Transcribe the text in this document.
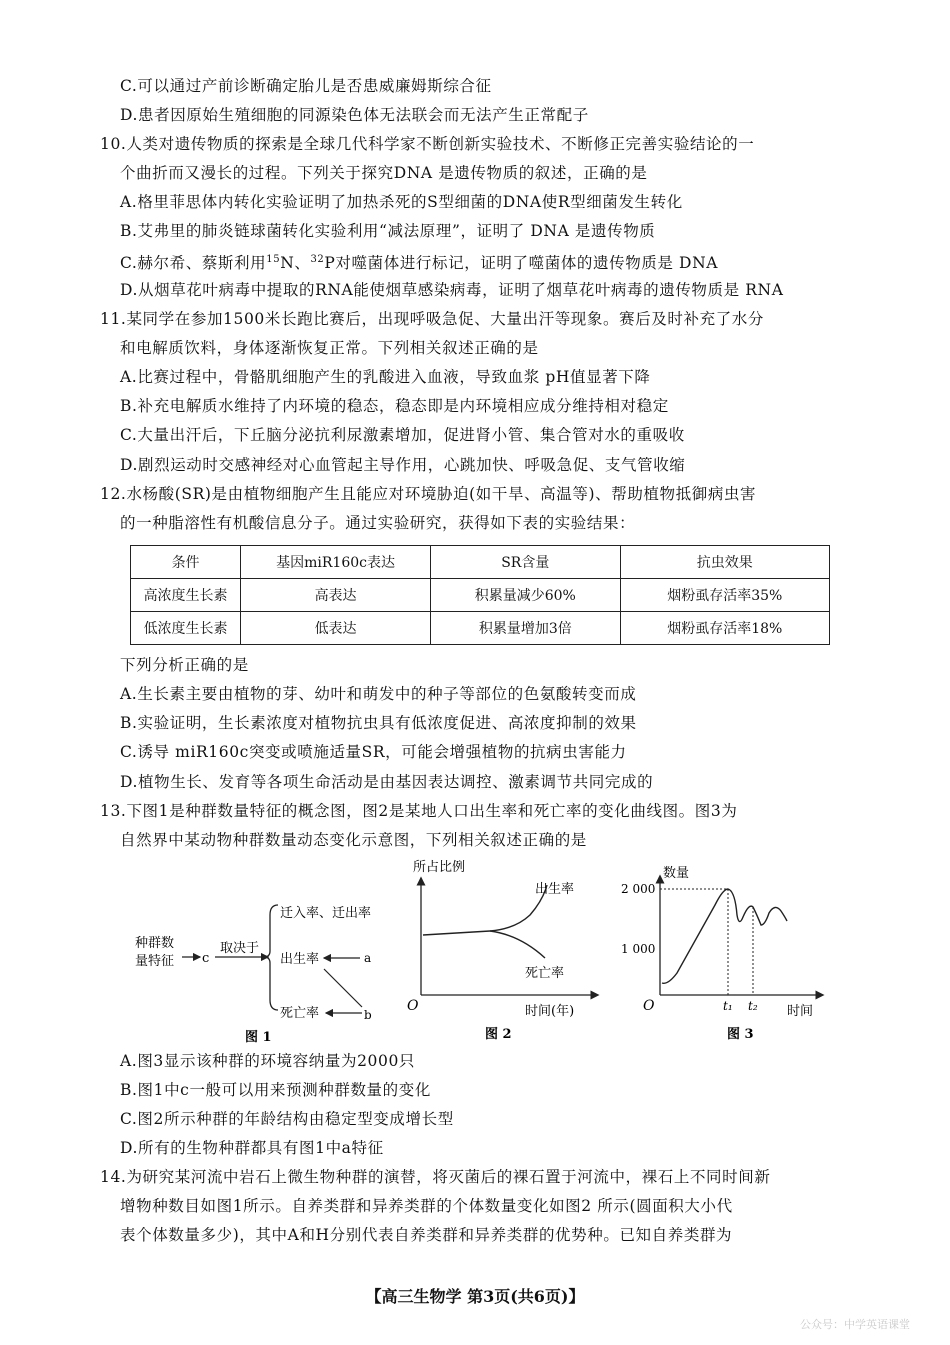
C.可以通过产前诊断确定胎儿是否患威廉姆斯综合征
D.患者因原始生殖细胞的同源染色体无法联会而无法产生正常配子
10.人类对遗传物质的探索是全球几代科学家不断创新实验技术、不断修正完善实验结论的一
个曲折而又漫长的过程。下列关于探究DNA 是遗传物质的叙述，正确的是
A.格里菲思体内转化实验证明了加热杀死的S型细菌的DNA使R型细菌发生转化
B.艾弗里的肺炎链球菌转化实验利用“减法原理”，证明了 DNA 是遗传物质
C.赫尔希、蔡斯利用$^{15}$N、$^{32}$P对噬菌体进行标记，证明了噬菌体的遗传物质是 DNA
D.从烟草花叶病毒中提取的RNA能使烟草感染病毒，证明了烟草花叶病毒的遗传物质是 RNA
11.某同学在参加1500米长跑比赛后，出现呼吸急促、大量出汗等现象。赛后及时补充了水分
和电解质饮料，身体逐渐恢复正常。下列相关叙述正确的是
A.比赛过程中，骨骼肌细胞产生的乳酸进入血液，导致血浆 pH值显著下降
B.补充电解质水维持了内环境的稳态，稳态即是内环境相应成分维持相对稳定
C.大量出汗后，下丘脑分泌抗利尿激素增加，促进肾小管、集合管对水的重吸收
D.剧烈运动时交感神经对心血管起主导作用，心跳加快、呼吸急促、支气管收缩
12.水杨酸(SR)是由植物细胞产生且能应对环境胁迫(如干旱、高温等)、帮助植物抵御病虫害
的一种脂溶性有机酸信息分子。通过实验研究，获得如下表的实验结果：
条件	基因miR160c表达	SR含量	抗虫效果
高浓度生长素	高表达	积累量减少60%	烟粉虱存活率35%
低浓度生长素	低表达	积累量增加3倍	烟粉虱存活率18%
下列分析正确的是
A.生长素主要由植物的芽、幼叶和萌发中的种子等部位的色氨酸转变而成
B.实验证明，生长素浓度对植物抗虫具有低浓度促进、高浓度抑制的效果
C.诱导 miR160c突变或喷施适量SR，可能会增强植物的抗病虫害能力
D.植物生长、发育等各项生命活动是由基因表达调控、激素调节共同完成的
13.下图1是种群数量特征的概念图，图2是某地人口出生率和死亡率的变化曲线图。图3为
自然界中某动物种群数量动态变化示意图，下列相关叙述正确的是
种群数
量特征 c
取决于
迁入率、迁出率
出生率
死亡率
a
b
图 1
所占比例
出生率
死亡率
O	时间(年)
图 2
数量
2 000
1 000
O	t₁ t₂ 时间
图 3
A.图3显示该种群的环境容纳量为2000只
B.图1中c一般可以用来预测种群数量的变化
C.图2所示种群的年龄结构由稳定型变成增长型
D.所有的生物种群都具有图1中a特征
14.为研究某河流中岩石上微生物种群的演替，将灭菌后的裸石置于河流中，裸石上不同时间新
增物种数目如图1所示。自养类群和异养类群的个体数量变化如图2 所示(圆面积大小代
表个体数量多少)，其中A和H分别代表自养类群和异养类群的优势种。已知自养类群为
【高三生物学 第3页(共6页)】
公众号：中学英语课堂
